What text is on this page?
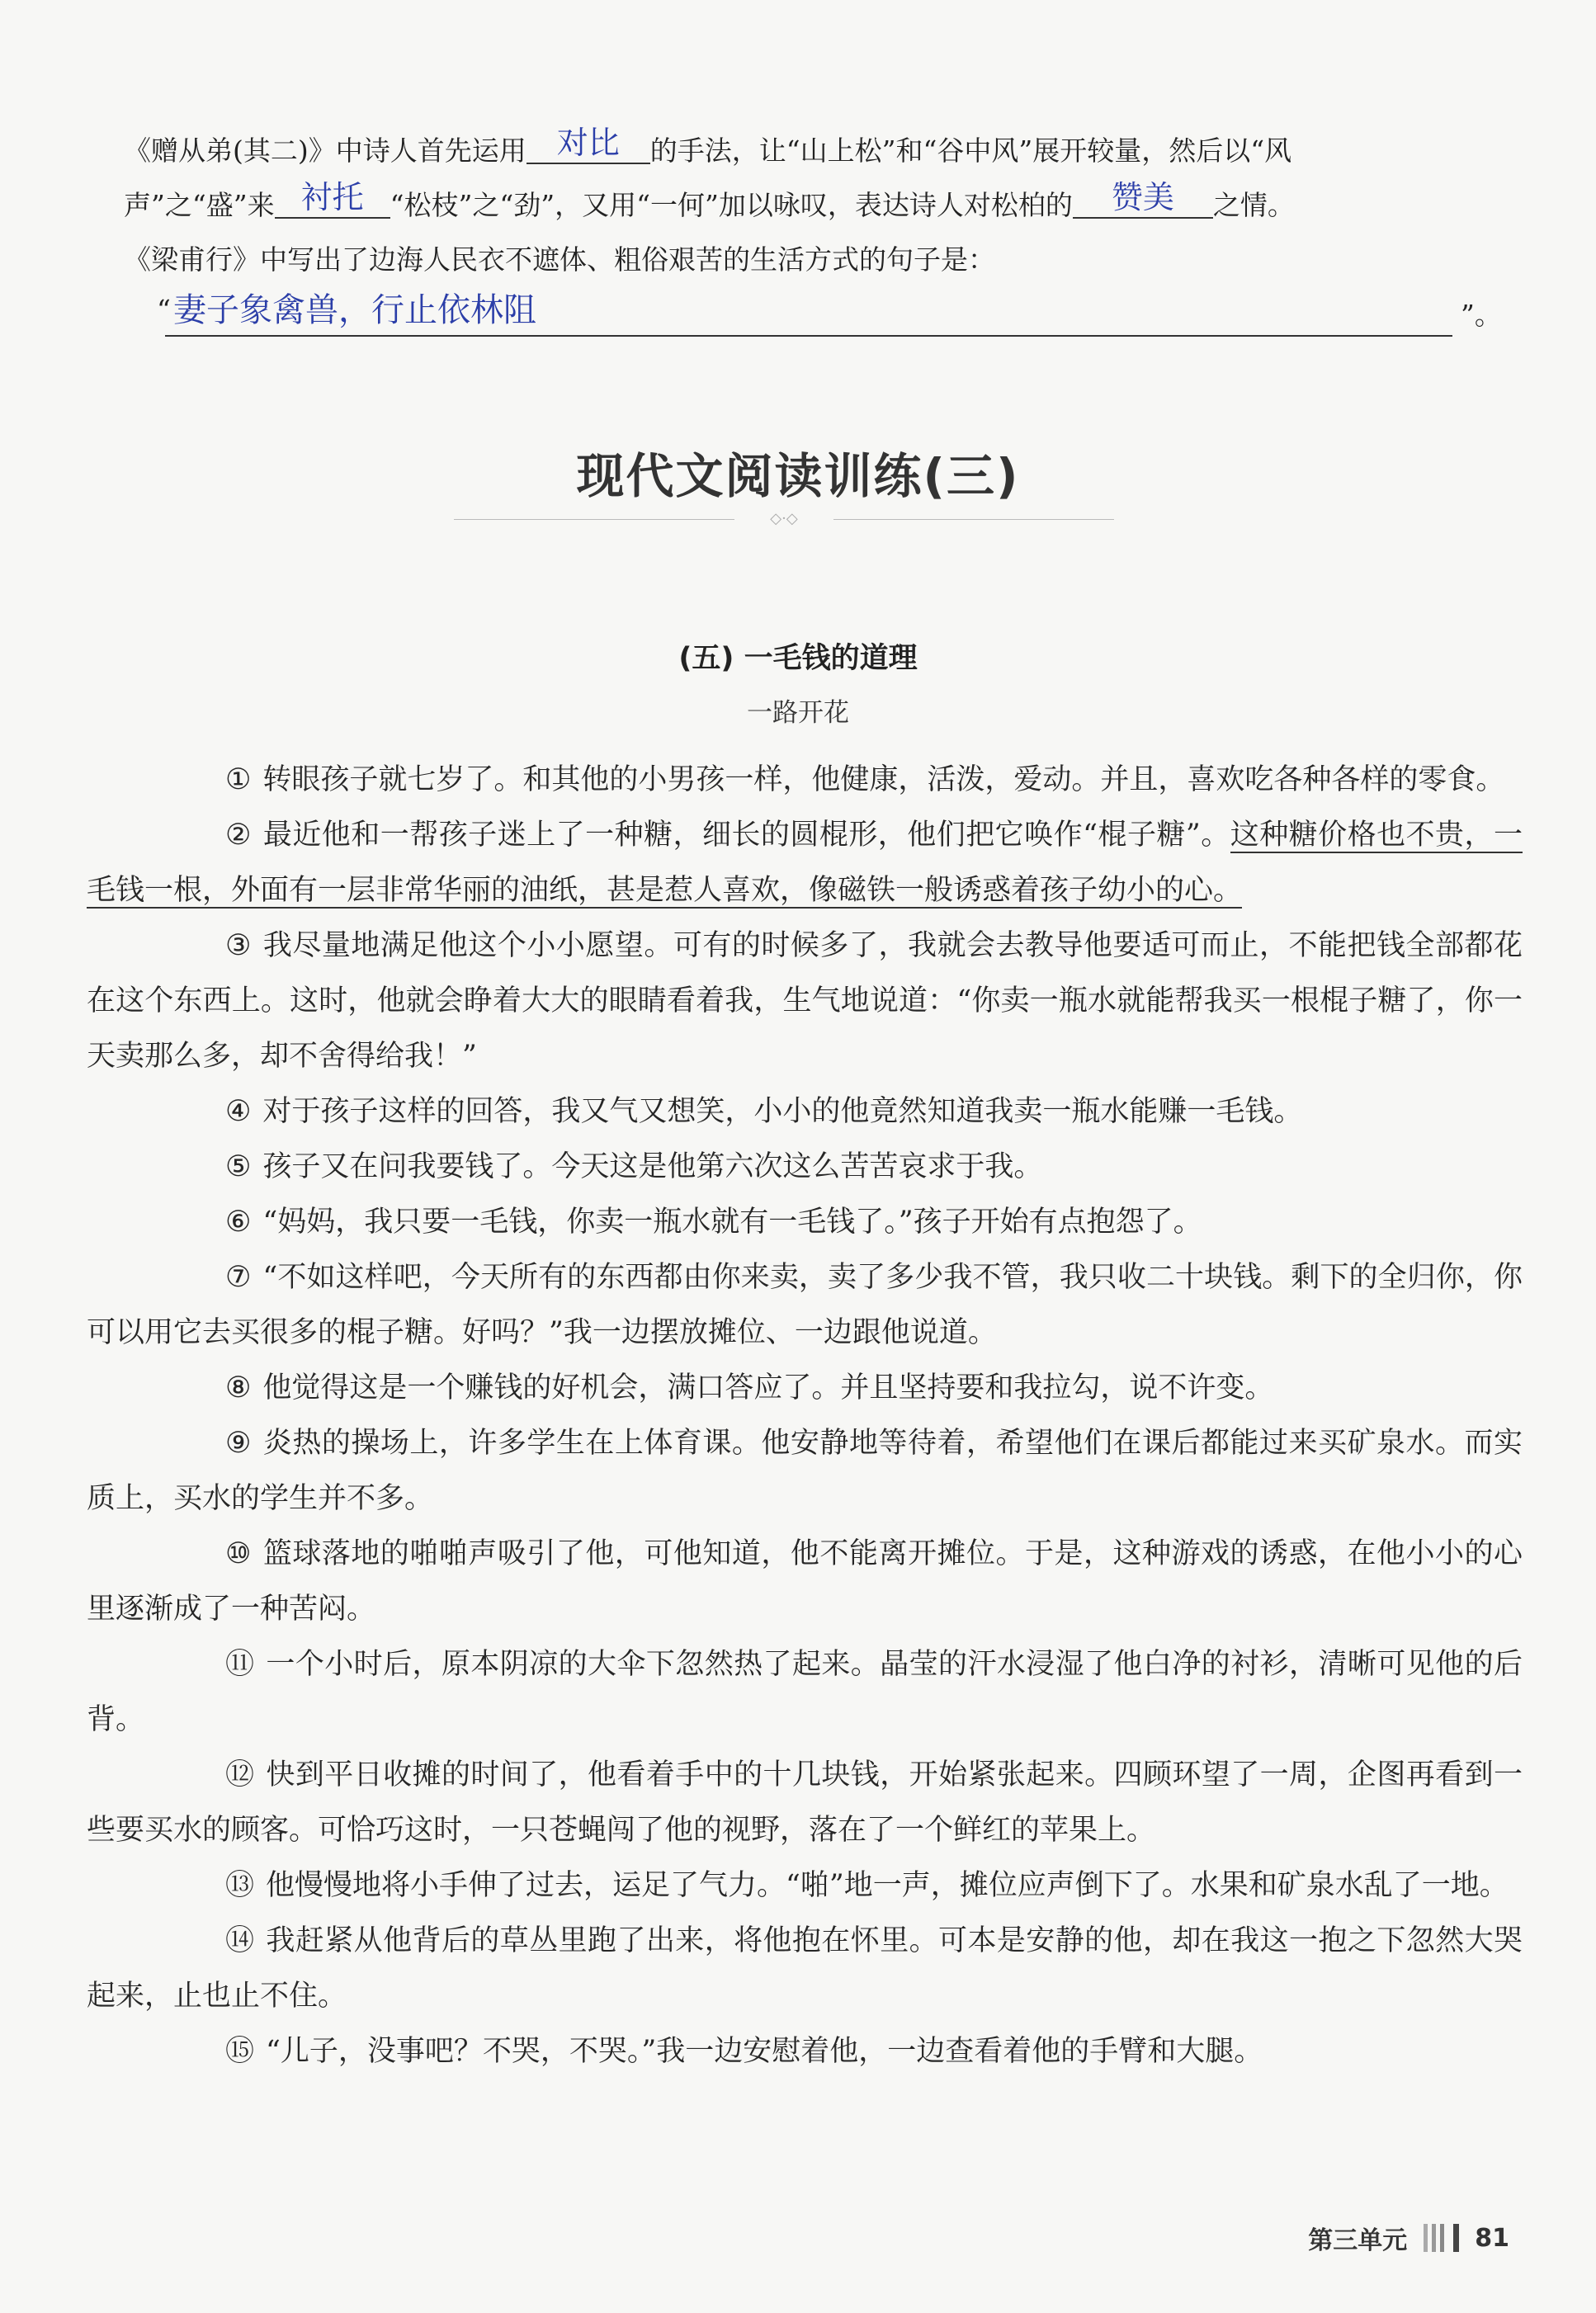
《赠从弟(其二)》中诗人首先运用 对比 的手法，让“山上松”和“谷中风”展开较量，然后以“风
声”之“盛”来 衬托 “松枝”之“劲”，又用“一何”加以咏叹，表达诗人对松柏的 赞美 之情。
《梁甫行》中写出了边海人民衣不遮体、粗俗艰苦的生活方式的句子是：
“ 妻子象禽兽，行止依林阻	”。
现代文阅读训练(三)
◇·◇
(五) 一毛钱的道理
一路开花

① 转眼孩子就七岁了。和其他的小男孩一样，他健康，活泼，爱动。并且，喜欢吃各种各样的零食。

② 最近他和一帮孩子迷上了一种糖，细长的圆棍形，他们把它唤作“棍子糖”。这种糖价格也不贵，一毛钱一根，外面有一层非常华丽的油纸，甚是惹人喜欢，像磁铁一般诱惑着孩子幼小的心。

③ 我尽量地满足他这个小小愿望。可有的时候多了，我就会去教导他要适可而止，不能把钱全部都花在这个东西上。这时，他就会睁着大大的眼睛看着我，生气地说道：“你卖一瓶水就能帮我买一根棍子糖了，你一天卖那么多，却不舍得给我！”

④ 对于孩子这样的回答，我又气又想笑，小小的他竟然知道我卖一瓶水能赚一毛钱。

⑤ 孩子又在问我要钱了。今天这是他第六次这么苦苦哀求于我。

⑥ “妈妈，我只要一毛钱，你卖一瓶水就有一毛钱了。”孩子开始有点抱怨了。

⑦ “不如这样吧，今天所有的东西都由你来卖，卖了多少我不管，我只收二十块钱。剩下的全归你，你可以用它去买很多的棍子糖。好吗？”我一边摆放摊位、一边跟他说道。

⑧ 他觉得这是一个赚钱的好机会，满口答应了。并且坚持要和我拉勾，说不许变。

⑨ 炎热的操场上，许多学生在上体育课。他安静地等待着，希望他们在课后都能过来买矿泉水。而实质上，买水的学生并不多。

⑩ 篮球落地的啪啪声吸引了他，可他知道，他不能离开摊位。于是，这种游戏的诱惑，在他小小的心里逐渐成了一种苦闷。

⑪ 一个小时后，原本阴凉的大伞下忽然热了起来。晶莹的汗水浸湿了他白净的衬衫，清晰可见他的后背。

⑫ 快到平日收摊的时间了，他看着手中的十几块钱，开始紧张起来。四顾环望了一周，企图再看到一些要买水的顾客。可恰巧这时，一只苍蝇闯了他的视野，落在了一个鲜红的苹果上。

⑬ 他慢慢地将小手伸了过去，运足了气力。“啪”地一声，摊位应声倒下了。水果和矿泉水乱了一地。

⑭ 我赶紧从他背后的草丛里跑了出来，将他抱在怀里。可本是安静的他，却在我这一抱之下忽然大哭起来，止也止不住。

⑮ “儿子，没事吧？不哭，不哭。”我一边安慰着他，一边查看着他的手臂和大腿。

第三单元	81
